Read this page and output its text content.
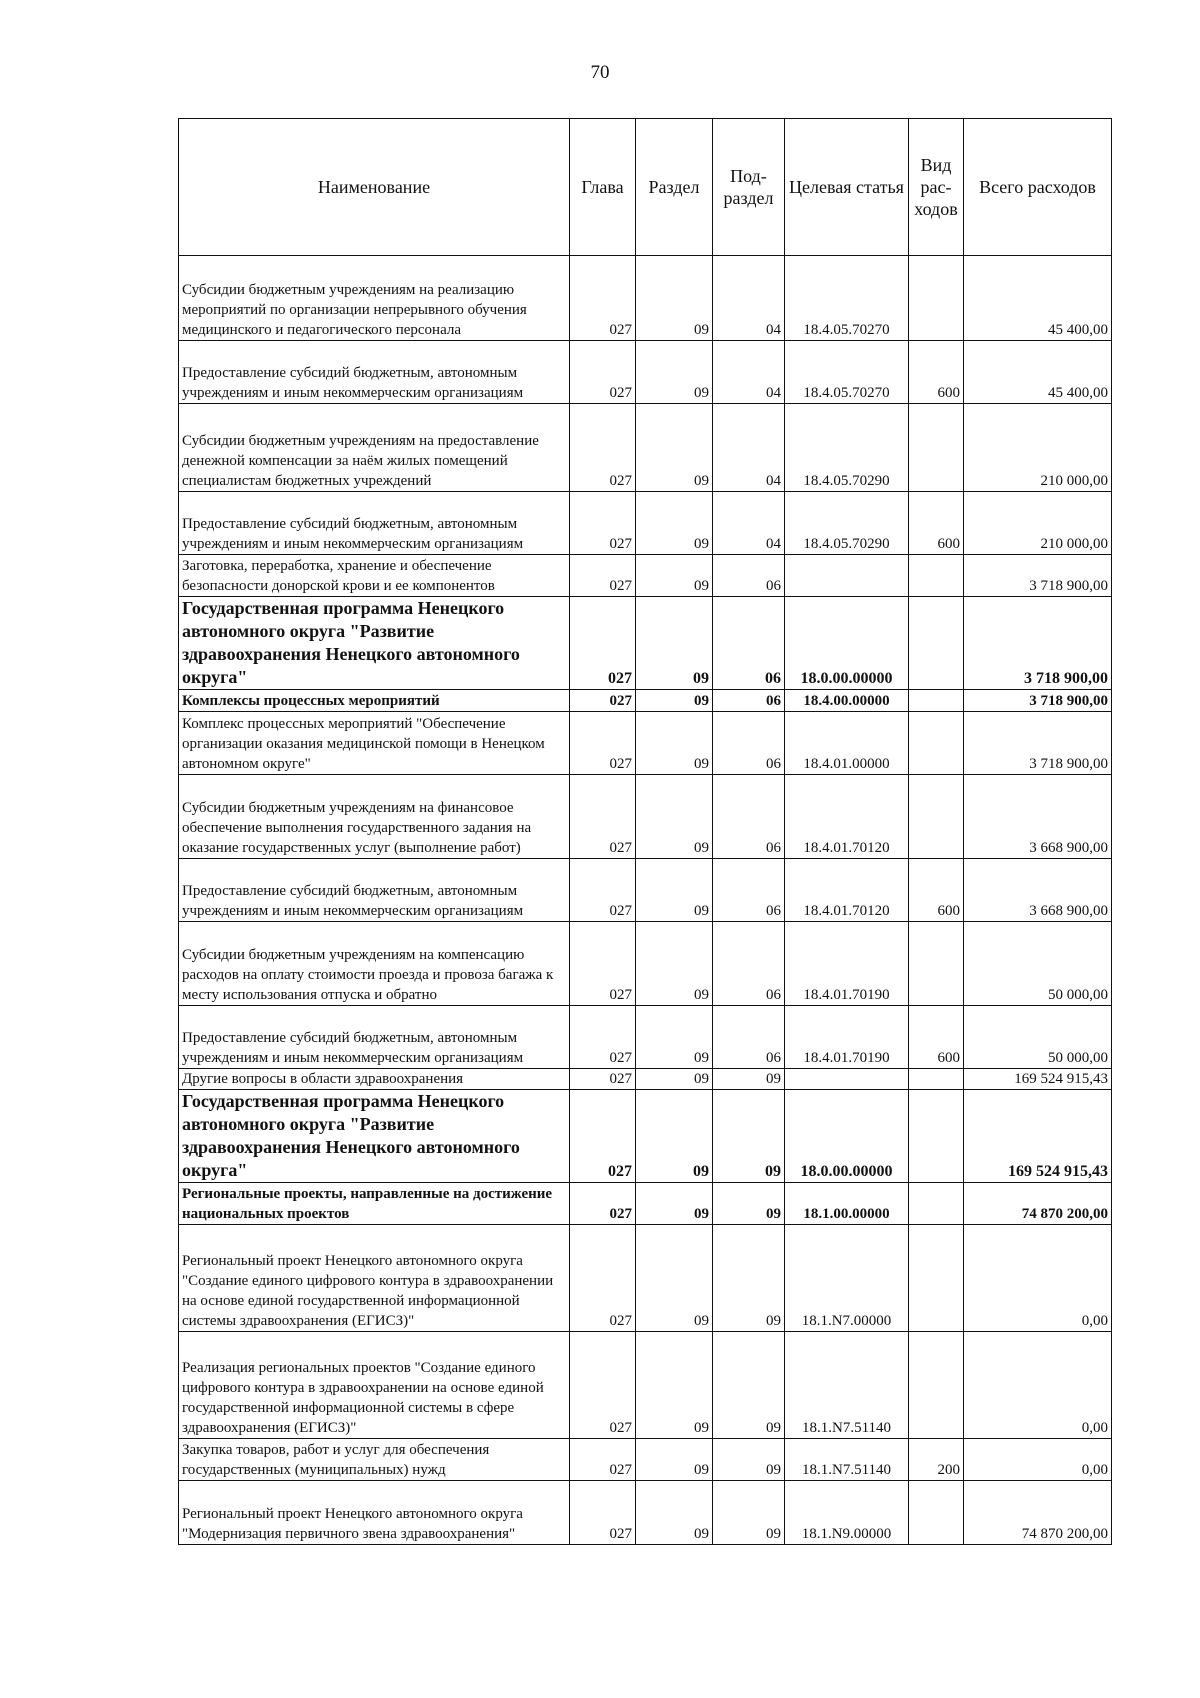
70
Наименование	Глава	Раздел	Под-раздел	Целевая статья	Вид рас-ходов	Всего расходов
Субсидии бюджетным учреждениям на реализацию мероприятий по организации непрерывного обучения медицинского и педагогического персонала	027	09	04	18.4.05.70270		45 400,00
Предоставление субсидий бюджетным, автономным учреждениям и иным некоммерческим организациям	027	09	04	18.4.05.70270	600	45 400,00
Субсидии бюджетным учреждениям на предоставление денежной компенсации за наём жилых помещений специалистам бюджетных учреждений	027	09	04	18.4.05.70290		210 000,00
Предоставление субсидий бюджетным, автономным учреждениям и иным некоммерческим организациям	027	09	04	18.4.05.70290	600	210 000,00
Заготовка, переработка, хранение и обеспечение безопасности донорской крови и ее компонентов	027	09	06			3 718 900,00
Государственная программа Ненецкого автономного округа "Развитие здравоохранения Ненецкого автономного округа"	027	09	06	18.0.00.00000		3 718 900,00
Комплексы процессных мероприятий	027	09	06	18.4.00.00000		3 718 900,00
Комплекс процессных мероприятий "Обеспечение организации оказания медицинской помощи в Ненецком автономном округе"	027	09	06	18.4.01.00000		3 718 900,00
Субсидии бюджетным учреждениям на финансовое обеспечение выполнения государственного задания на оказание государственных услуг (выполнение работ)	027	09	06	18.4.01.70120		3 668 900,00
Предоставление субсидий бюджетным, автономным учреждениям и иным некоммерческим организациям	027	09	06	18.4.01.70120	600	3 668 900,00
Субсидии бюджетным учреждениям на компенсацию расходов на оплату стоимости проезда и провоза багажа к месту использования отпуска и обратно	027	09	06	18.4.01.70190		50 000,00
Предоставление субсидий бюджетным, автономным учреждениям и иным некоммерческим организациям	027	09	06	18.4.01.70190	600	50 000,00
Другие вопросы в области здравоохранения	027	09	09			169 524 915,43
Государственная программа Ненецкого автономного округа "Развитие здравоохранения Ненецкого автономного округа"	027	09	09	18.0.00.00000		169 524 915,43
Региональные проекты, направленные на достижение национальных проектов	027	09	09	18.1.00.00000		74 870 200,00
Региональный проект Ненецкого автономного округа "Создание единого цифрового контура в здравоохранении на основе единой государственной информационной системы здравоохранения (ЕГИСЗ)"	027	09	09	18.1.N7.00000		0,00
Реализация региональных проектов "Создание единого цифрового контура в здравоохранении на основе единой государственной информационной системы в сфере здравоохранения (ЕГИСЗ)"	027	09	09	18.1.N7.51140		0,00
Закупка товаров, работ и услуг для обеспечения государственных (муниципальных) нужд	027	09	09	18.1.N7.51140	200	0,00
Региональный проект Ненецкого автономного округа "Модернизация первичного звена здравоохранения"	027	09	09	18.1.N9.00000		74 870 200,00
